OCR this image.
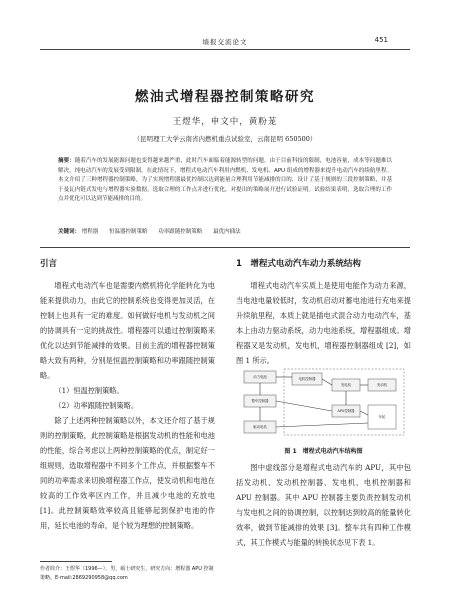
墙报交流论文	451
燃油式增程器控制策略研究
王煜华，申文中，黄粉茏
（昆明理工大学云南省内燃机重点试验室，云南昆明 650500）
摘要：随着汽车的发展能源问题也变得越来越严重，此时汽车面临着能源转型的问题。由于目前科技的限制，电池容量，成本等问题难以解决，纯电动汽车的发展受到限制。在此情况下，增程式电动汽车利用内燃机、发电机、APU 组成的增程器来提升电动汽车的续航里程。本文介绍了三种增程器控制策略，为了实现增程器最优控制以达到能量合理利用节能减排的目的，设计了基于规则的三段控制策略，并基于曼瓦内链式发电与增程器实验数据，选取合理的工作点并进行优化，对提出的策略展开进行试验证明。试验结果表明，选取合理的工作点并优化可以达到节能减排的目的。
关键词： 增程器 恒温器控制策略 功率跟随控制策略 最优内插法
引言

增程式电动汽车也是需要内燃机将化学能转化为电能来提供动力，由此它的控制系统也变得更加灵活，在控制上也具有一定的难度。如何做好电机与发动机之间的协调具有一定的挑战性。增程器可以通过控制策略来优化以达到节能减排的效果。目前主流的增程器控制策略大致有两种，分别是恒温控制策略和功率跟随控制策略。

（1）恒温控制策略。

（2）功率跟随控制策略。

除了上述两种控制策略以外，本文还介绍了基于规则的控制策略，此控制策略是根据发动机的性能和电池的性能，综合考虑以上两种控制策略的优点，制定好一组规则，选取增程器中不同多个工作点，并根据整车不同的功率需求来切换增程器工作点，使发动机和电池在较高的工作效率区内工作，并且减少电池的充放电 [1]。此控制策略效率较高且能够起到保护电池的作用，延长电池的寿命，是个较为理想的控制策略。

作者简介：王煜华（1996—），男，硕士研究生，研究方向：增程器 APU 控制策略。E-mail:2869290958@qq.com
1　增程式电动汽车动力系统结构

增程式电动汽车实质上是使用电能作为动力来源，当电池电量较低时，发动机启动对蓄电池进行充电来提升续航里程，本质上就是插电式混合动力电动汽车，基本上由动力驱动系统，动力电池系统，增程器组成。增程器又是发动机，发电机，增程器控制器组成 [2]，如图 1 所示。

动力电池
整车控制器
驱动电机
电机控制器
发电机	发动机
APU控制器
车轮
图 1　增程式电动汽车结构图

图中虚线部分是增程式电动汽车的 APU，其中包括发动机、发动机控制器、发电机、电机控制器和 APU 控制器。其中 APU 控制器主要负责控制发动机与发电机之间的协调控制，以控制达到较高的能量转化效率，做到节能减排的效果 [3]。整车共有四种工作模式，其工作模式与能量的转换状态见下表 1。
